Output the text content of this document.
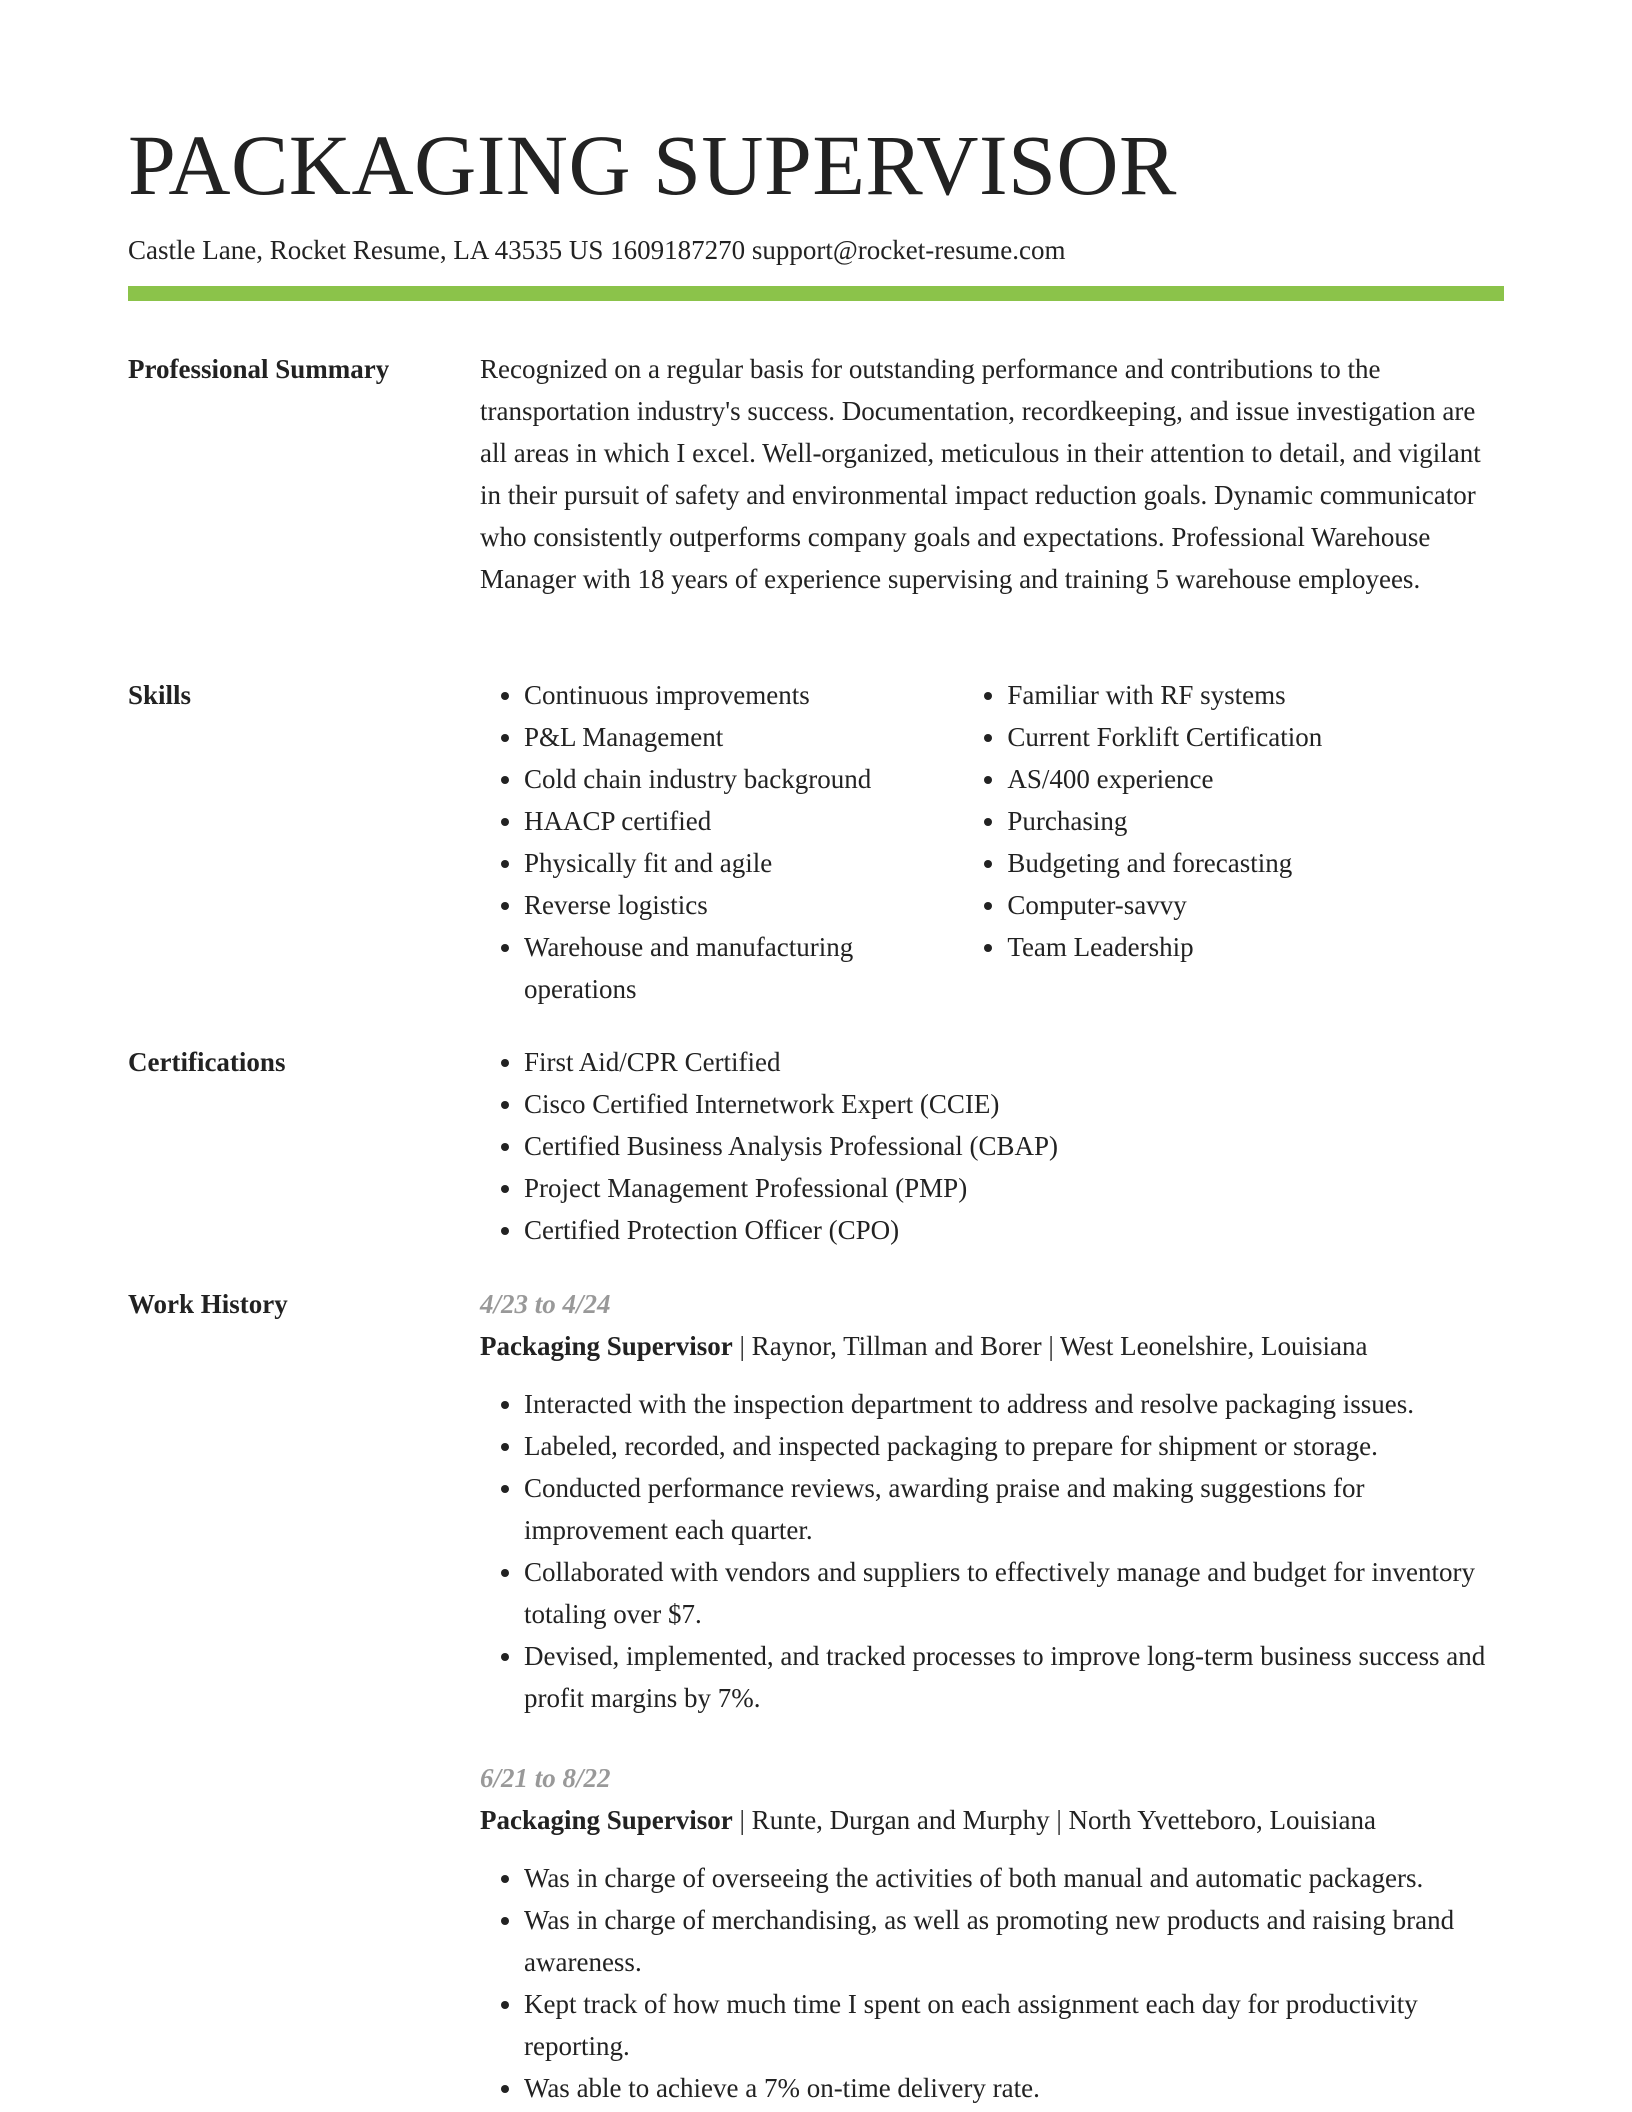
PACKAGING SUPERVISOR
Castle Lane, Rocket Resume, LA 43535 US 1609187270 support@rocket-resume.com
Professional Summary	Recognized on a regular basis for outstanding performance and contributions to the transportation industry's success. Documentation, recordkeeping, and issue investigation are all areas in which I excel. Well-organized, meticulous in their attention to detail, and vigilant in their pursuit of safety and environmental impact reduction goals. Dynamic communicator who consistently outperforms company goals and expectations. Professional Warehouse Manager with 18 years of experience supervising and training 5 warehouse employees.

Skills	• Continuous improvements
• P&L Management
• Cold chain industry background
• HAACP certified
• Physically fit and agile
• Reverse logistics
• Warehouse and manufacturing operations
• Familiar with RF systems
• Current Forklift Certification
• AS/400 experience
• Purchasing
• Budgeting and forecasting
• Computer-savvy
• Team Leadership
Certifications	• First Aid/CPR Certified
• Cisco Certified Internetwork Expert (CCIE)
• Certified Business Analysis Professional (CBAP)
• Project Management Professional (PMP)
• Certified Protection Officer (CPO)
Work History	4/23 to 4/24
Packaging Supervisor | Raynor, Tillman and Borer | West Leonelshire, Louisiana
• Interacted with the inspection department to address and resolve packaging issues.
• Labeled, recorded, and inspected packaging to prepare for shipment or storage.
• Conducted performance reviews, awarding praise and making suggestions for improvement each quarter.
• Collaborated with vendors and suppliers to effectively manage and budget for inventory totaling over $7.
• Devised, implemented, and tracked processes to improve long-term business success and profit margins by 7%.
6/21 to 8/22
Packaging Supervisor | Runte, Durgan and Murphy | North Yvetteboro, Louisiana
• Was in charge of overseeing the activities of both manual and automatic packagers.
• Was in charge of merchandising, as well as promoting new products and raising brand awareness.
• Kept track of how much time I spent on each assignment each day for productivity reporting.
• Was able to achieve a 7% on-time delivery rate.
